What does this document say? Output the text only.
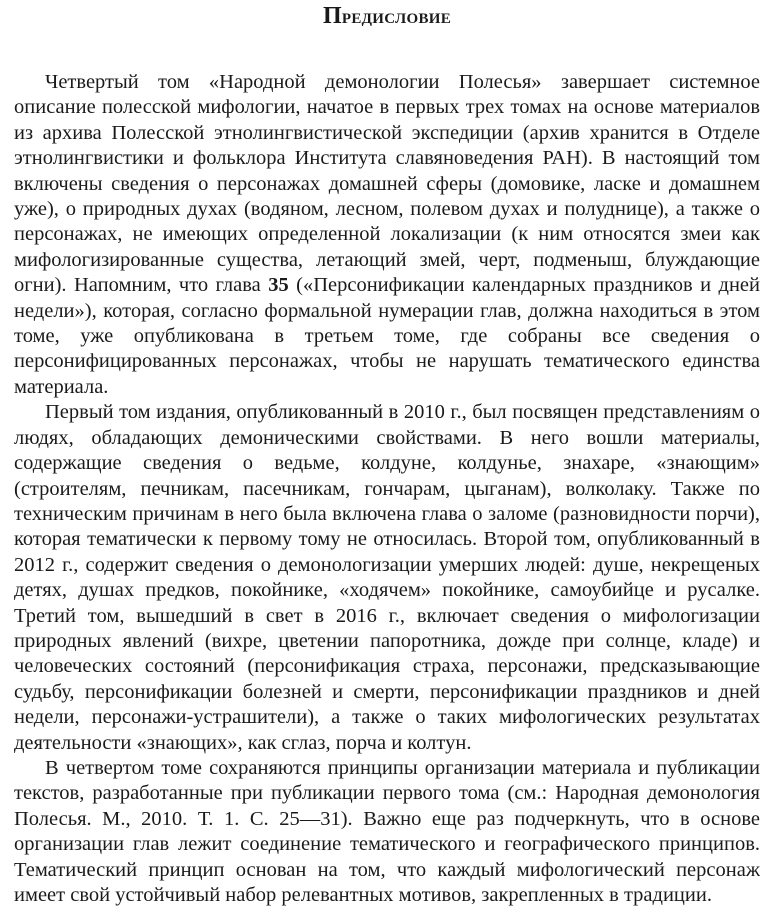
Предисловие

Четвертый том «Народной демонологии Полесья» завершает системное описание полесской мифологии, начатое в первых трех томах на основе материалов из архива Полесской этнолингвистической экспедиции (архив хранится в Отделе этнолингвистики и фольклора Института славяноведения РАН). В настоящий том включены сведения о персонажах домашней сферы (домовике, ласке и домашнем уже), о природных духах (водяном, лесном, полевом духах и полуднице), а также о персонажах, не имеющих определенной локализации (к ним относятся змеи как мифологизированные существа, летающий змей, черт, подменыш, блуждающие огни). Напомним, что глава 35 («Персонификации календарных праздников и дней недели»), которая, согласно формальной нумерации глав, должна находиться в этом томе, уже опубликована в третьем томе, где собраны все сведения о персонифицированных персонажах, чтобы не нарушать тематического единства материала.

Первый том издания, опубликованный в 2010 г., был посвящен представлениям о людях, обладающих демоническими свойствами. В него вошли материалы, содержащие сведения о ведьме, колдуне, колдунье, знахаре, «знающим» (строителям, печникам, пасечникам, гончарам, цыганам), волколаку. Также по техническим причинам в него была включена глава о заломе (разновидности порчи), которая тематически к первому тому не относилась. Второй том, опубликованный в 2012 г., содержит сведения о демонологизации умерших людей: душе, некрещеных детях, душах предков, покойнике, «ходячем» покойнике, самоубийце и русалке. Третий том, вышедший в свет в 2016 г., включает сведения о мифологизации природных явлений (вихре, цветении папоротника, дожде при солнце, кладе) и человеческих состояний (персонификация страха, персонажи, предсказывающие судьбу, персонификации болезней и смерти, персонификации праздников и дней недели, персонажи-устрашители), а также о таких мифологических результатах деятельности «знающих», как сглаз, порча и колтун.

В четвертом томе сохраняются принципы организации материала и публикации текстов, разработанные при публикации первого тома (см.: Народная демонология Полесья. М., 2010. Т. 1. С. 25—31). Важно еще раз подчеркнуть, что в основе организации глав лежит соединение тематического и географического принципов. Тематический принцип основан на том, что каждый мифологический персонаж имеет свой устойчивый набор релевантных мотивов, закрепленных в традиции.
